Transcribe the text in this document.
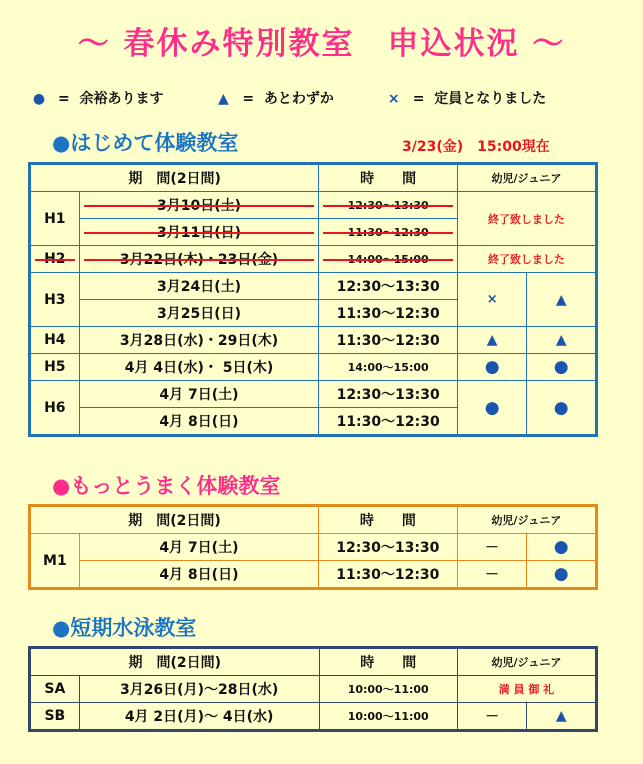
～ 春休み特別教室　申込状況 ～
● = 余裕あります	▲ = あとわずか	× = 定員となりました
●はじめて体験教室	3/23(金)　15:00現在
期　間(2日間)		時　　間	幼児/ジュニア	
H1	3月10日(土)	12:30～13:30	終了致しました	
	3月11日(日)	11:30～12:30		
H2	3月22日(木)・23日(金)	14:00～15:00	終了致しました	
H3	3月24日(土)	12:30～13:30	×	▲
	3月25日(日)	11:30～12:30		
H4	3月28日(水)・29日(木)	11:30～12:30	▲	▲
H5	4月 4日(水)・ 5日(木)	14:00～15:00	●	●
H6	4月 7日(土)	12:30～13:30	●	●
	4月 8日(日)	11:30～12:30		
●もっとうまく体験教室
期　間(2日間)		時　　間	幼児/ジュニア	
M1	4月 7日(土)	12:30～13:30	－	●
	4月 8日(日)	11:30～12:30	－	●
●短期水泳教室
期　間(2日間)		時　　間	幼児/ジュニア	
SA	3月26日(月)～28日(水)	10:00～11:00	満 員 御 礼	
SB	4月 2日(月)～ 4日(水)	10:00～11:00	－	▲
